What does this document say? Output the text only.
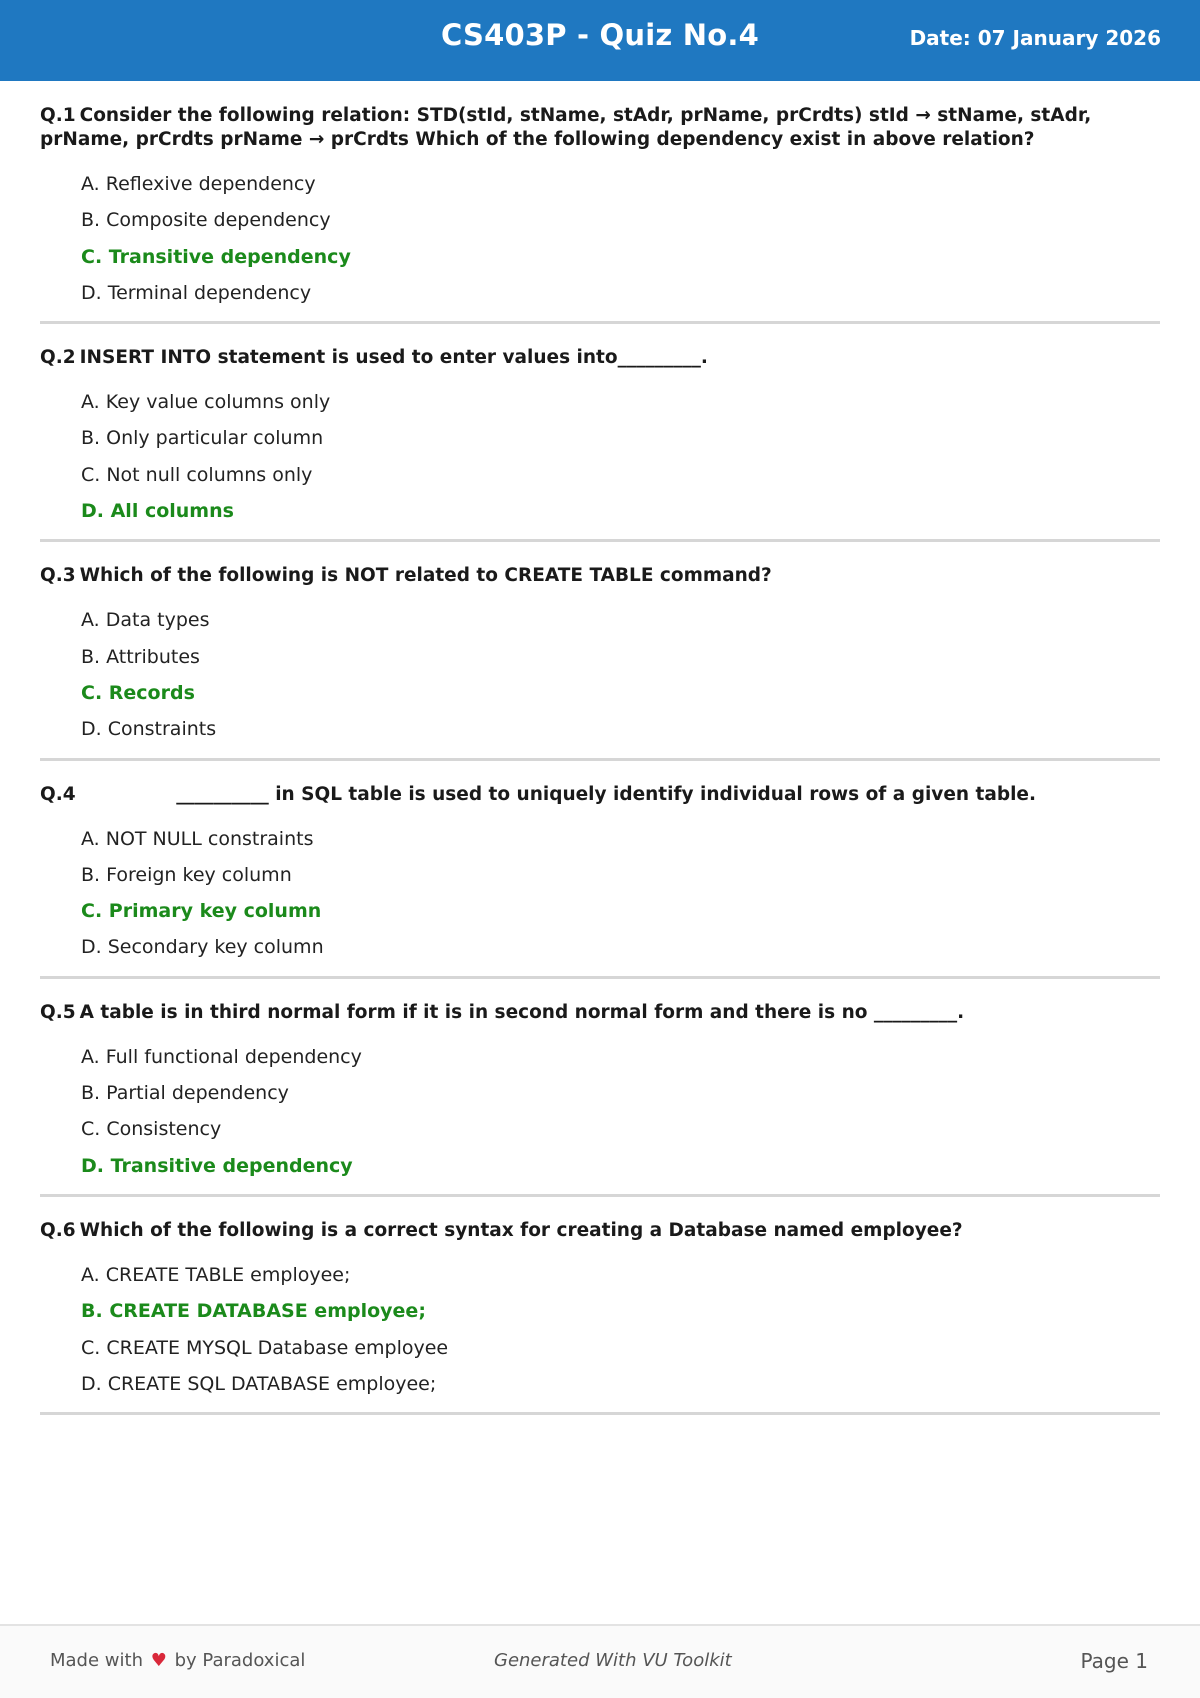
CS403P - Quiz No.4	Date: 07 January 2026
Q.1 Consider the following relation: STD(stId, stName, stAdr, prName, prCrdts) stId → stName, stAdr, prName, prCrdts prName → prCrdts Which of the following dependency exist in above relation?
A. Reflexive dependency
B. Composite dependency
C. Transitive dependency
D. Terminal dependency
Q.2 INSERT INTO statement is used to enter values into_________.
A. Key value columns only
B. Only particular column
C. Not null columns only
D. All columns
Q.3 Which of the following is NOT related to CREATE TABLE command?
A. Data types
B. Attributes
C. Records
D. Constraints
Q.4               __________ in SQL table is used to uniquely identify individual rows of a given table.
A. NOT NULL constraints
B. Foreign key column
C. Primary key column
D. Secondary key column
Q.5 A table is in third normal form if it is in second normal form and there is no _________.
A. Full functional dependency
B. Partial dependency
C. Consistency
D. Transitive dependency
Q.6 Which of the following is a correct syntax for creating a Database named employee?
A. CREATE TABLE employee;
B. CREATE DATABASE employee;
C. CREATE MYSQL Database employee
D. CREATE SQL DATABASE employee;
Made with ♥ by Paradoxical	Generated With VU Toolkit	Page 1
